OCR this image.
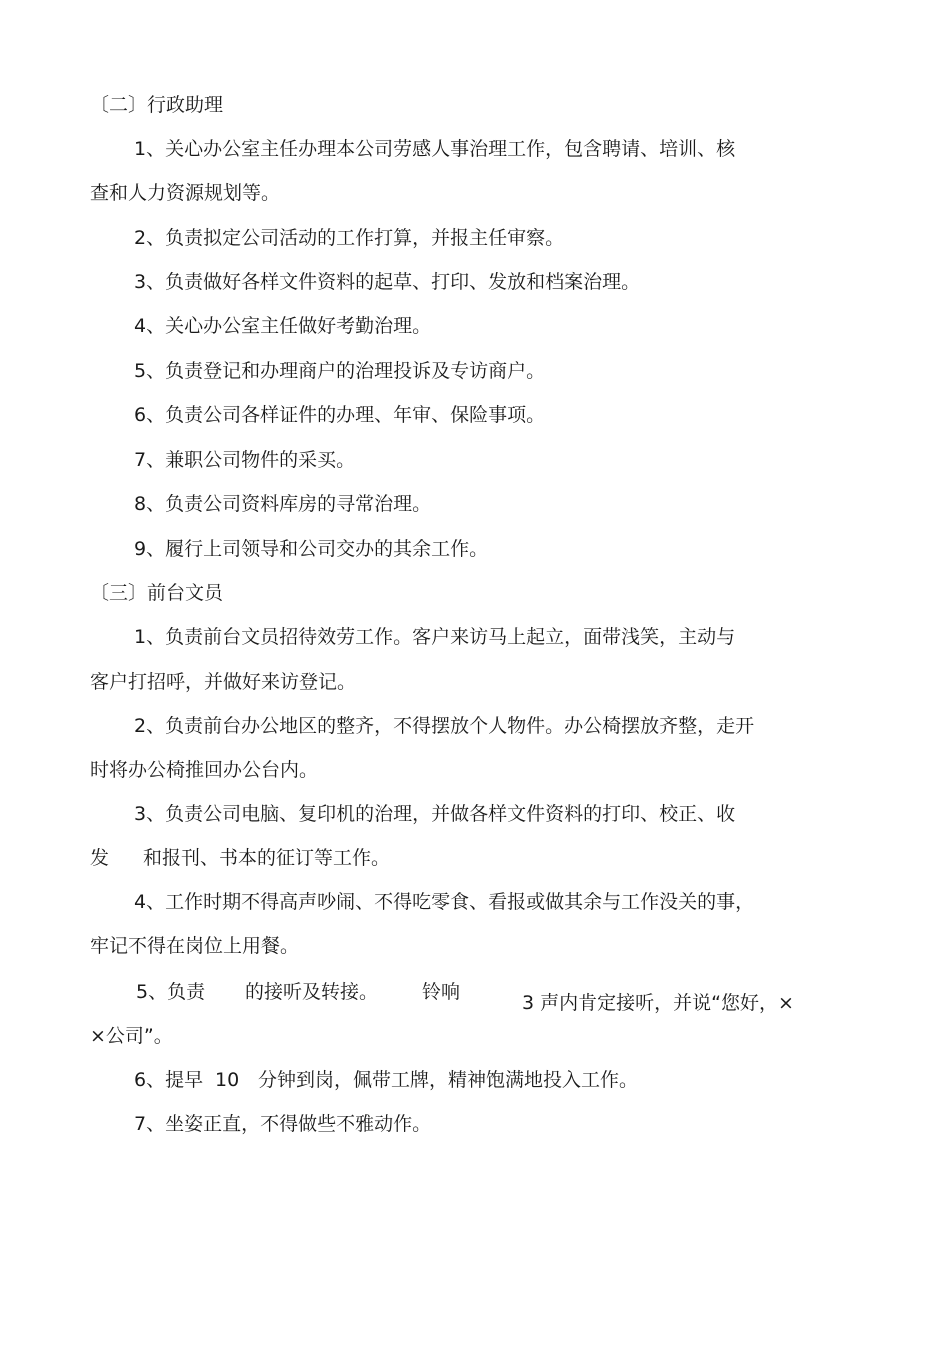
〔二〕行政助理
1、关心办公室主任办理本公司劳感人事治理工作，包含聘请、培训、核
查和人力资源规划等。
2、负责拟定公司活动的工作打算，并报主任审察。
3、负责做好各样文件资料的起草、打印、发放和档案治理。
4、关心办公室主任做好考勤治理。
5、负责登记和办理商户的治理投诉及专访商户。
6、负责公司各样证件的办理、年审、保险事项。
7、兼职公司物件的采买。
8、负责公司资料库房的寻常治理。
9、履行上司领导和公司交办的其余工作。
〔三〕前台文员
1、负责前台文员招待效劳工作。客户来访马上起立，面带浅笑，主动与
客户打招呼，并做好来访登记。
2、负责前台办公地区的整齐，不得摆放个人物件。办公椅摆放齐整，走开
时将办公椅推回办公台内。
3、负责公司电脑、复印机的治理，并做各样文件资料的打印、校正、收
发 和报刊、书本的征订等工作。
4、工作时期不得高声吵闹、不得吃零食、看报或做其余与工作没关的事，
牢记不得在岗位上用餐。
5、负责 的接听及转接。 铃响	3 声内肯定接听，并说“您好，×
×公司”。
6、提早 10 分钟到岗，佩带工牌，精神饱满地投入工作。
7、坐姿正直，不得做些不雅动作。
